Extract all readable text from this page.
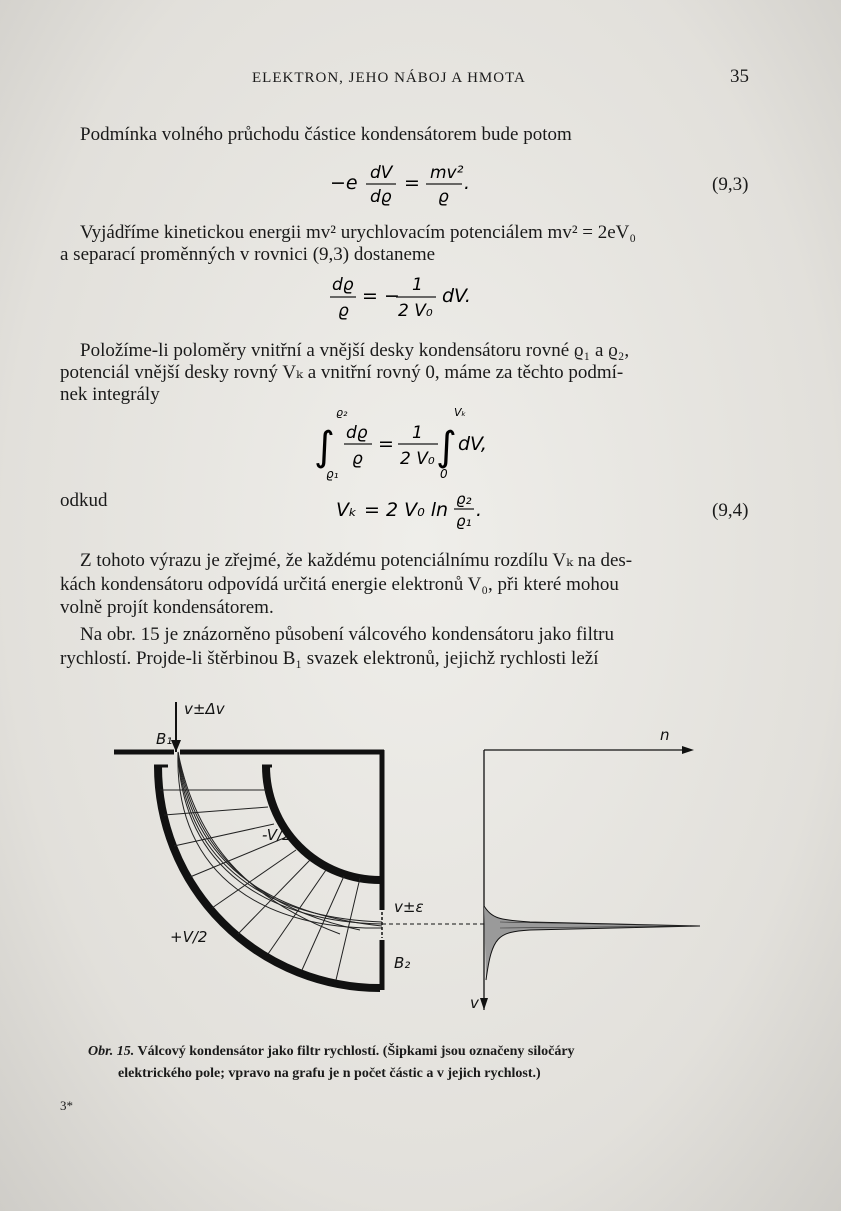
ELEKTRON, JEHO NÁBOJ A HMOTA	35
Podmínka volného průchodu částice kondensátorem bude potom
−e dV
dϱ
= mv²
ϱ
.	(9,3)
Vyjádříme kinetickou energii mv² urychlovacím potenciálem mv² = 2eV₀
a separací proměnných v rovnici (9,3) dostaneme
dϱ
ϱ
= − 1
2 V₀
dV.
Položíme-li poloměry vnitřní a vnější desky kondensátoru rovné ϱ₁ a ϱ₂,
potenciál vnější desky rovný Vₖ a vnitřní rovný 0, máme za těchto podmí-
nek integrály
∫
ϱ₂
ϱ₁
dϱ
ϱ
= 1
2 V₀ ∫
Vₖ
0
dV,
odkud	Vₖ = 2 V₀ ln ϱ₂
ϱ₁ .	(9,4)
Z tohoto výrazu je zřejmé, že každému potenciálnímu rozdílu Vₖ na des-
kách kondensátoru odpovídá určitá energie elektronů V₀, při které mohou
volně projít kondensátorem.
Na obr. 15 je znázorněno působení válcového kondensátoru jako filtru
rychlostí. Projde-li štěrbinou B₁ svazek elektronů, jejichž rychlosti leží
v±Δv
B₁
-V/2
+V/2
v±ε
B₂
n
v
Obr. 15. Válcový kondensátor jako filtr rychlostí. (Šipkami jsou označeny siločáry
elektrického pole; vpravo na grafu je n počet částic a v jejich rychlost.)
3*
